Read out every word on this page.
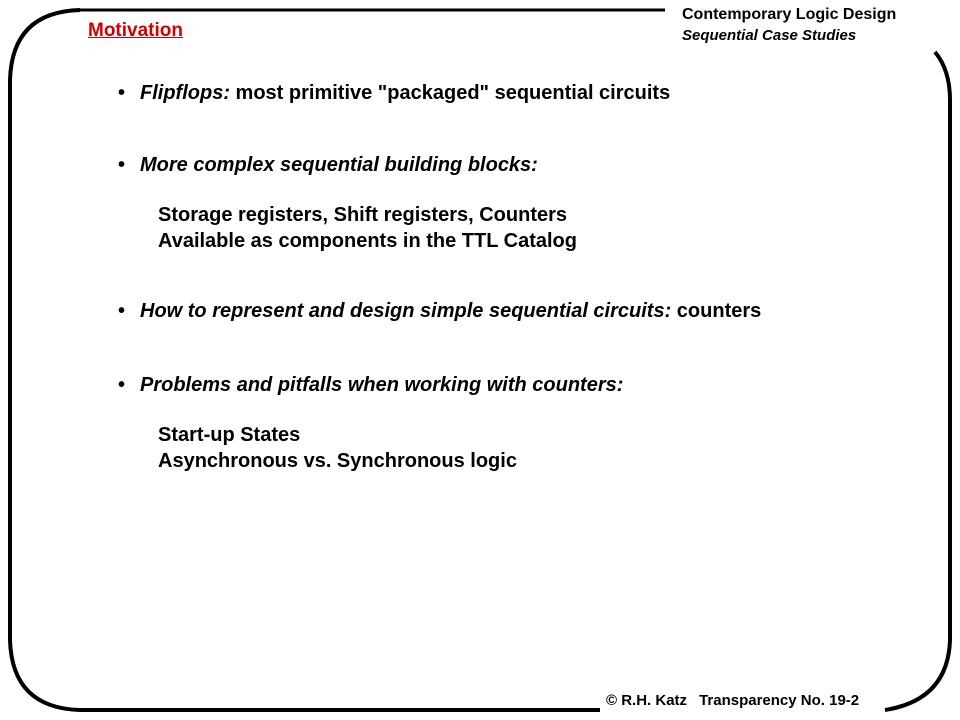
Motivation
Contemporary Logic Design
Sequential Case Studies
• Flipflops: most primitive "packaged" sequential circuits
• More complex sequential building blocks:
Storage registers, Shift registers, Counters
Available as components in the TTL Catalog
• How to represent and design simple sequential circuits: counters
• Problems and pitfalls when working with counters:
Start-up States
Asynchronous vs. Synchronous logic
© R.H. Katz Transparency No. 19-2
